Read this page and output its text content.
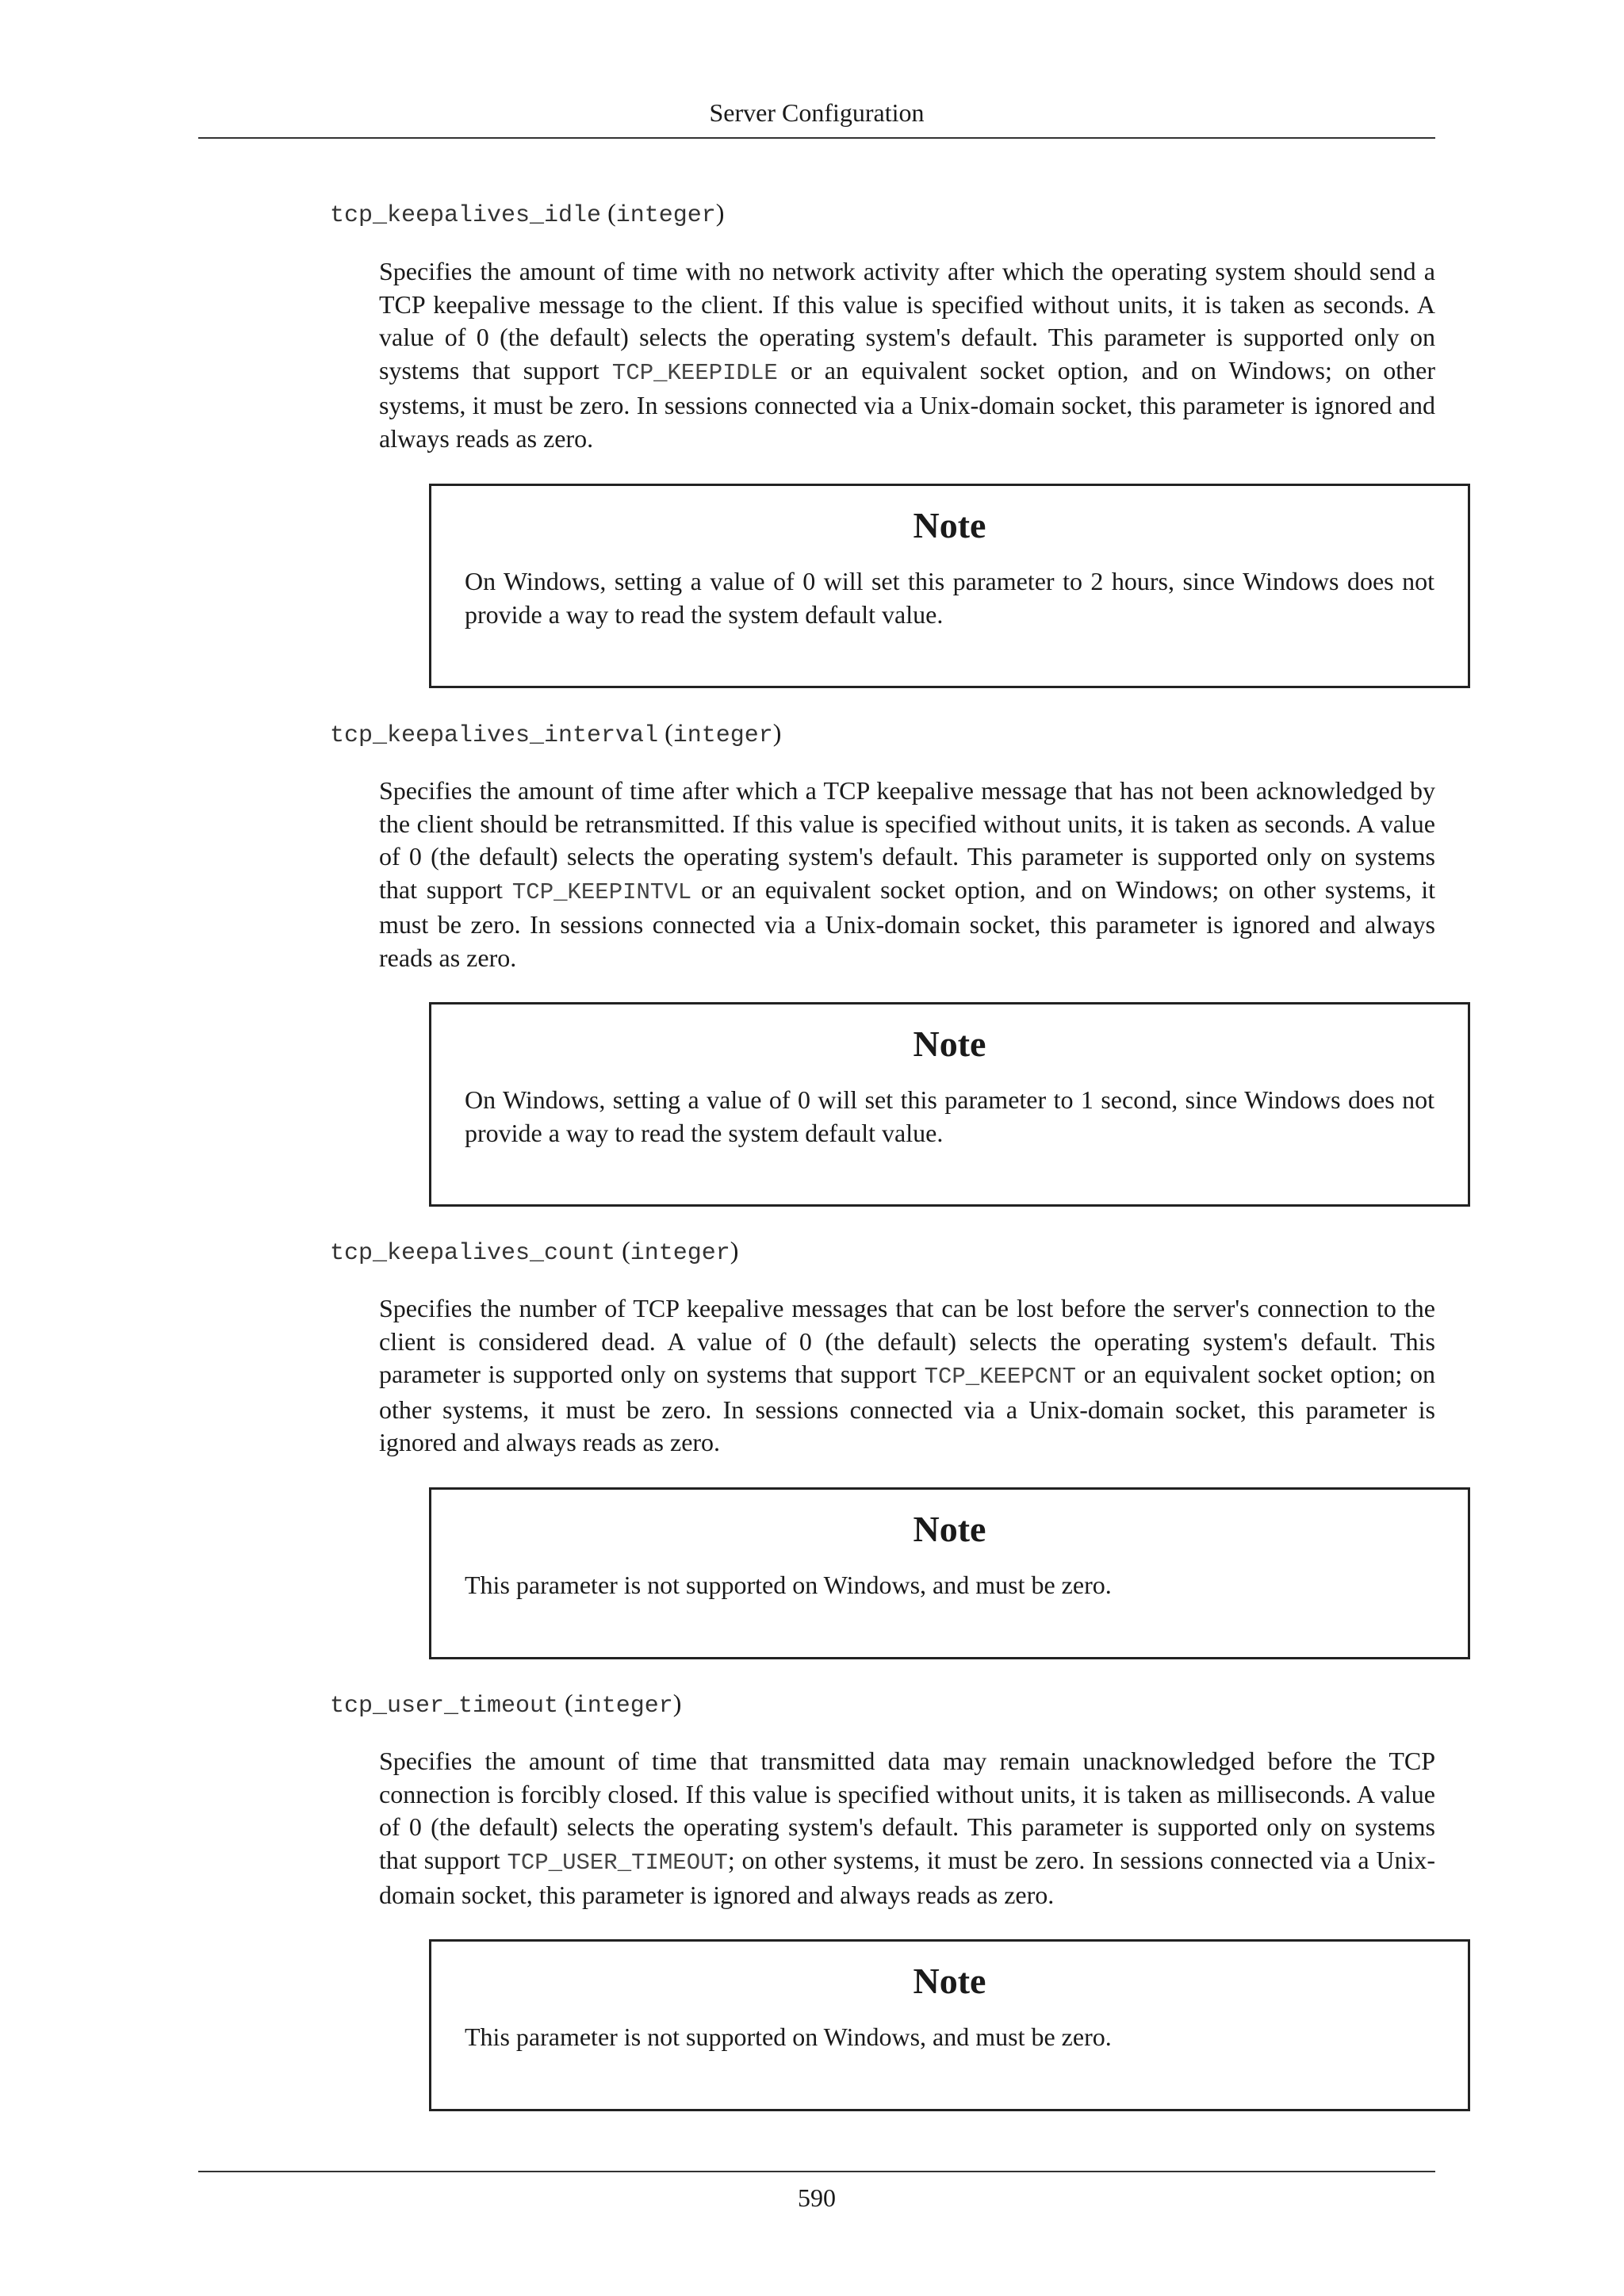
Server Configuration
tcp_keepalives_idle (integer)

Specifies the amount of time with no network activity after which the operating system should send a TCP keepalive message to the client. If this value is specified without units, it is taken as seconds. A value of 0 (the default) selects the operating system's default. This parameter is supported only on systems that support TCP_KEEPIDLE or an equivalent socket option, and on Windows; on other systems, it must be zero. In sessions connected via a Unix-domain socket, this parameter is ignored and always reads as zero.

Note
On Windows, setting a value of 0 will set this parameter to 2 hours, since Windows does not provide a way to read the system default value.
tcp_keepalives_interval (integer)

Specifies the amount of time after which a TCP keepalive message that has not been acknowledged by the client should be retransmitted. If this value is specified without units, it is taken as seconds. A value of 0 (the default) selects the operating system's default. This parameter is supported only on systems that support TCP_KEEPINTVL or an equivalent socket option, and on Windows; on other systems, it must be zero. In sessions connected via a Unix-domain socket, this parameter is ignored and always reads as zero.

Note
On Windows, setting a value of 0 will set this parameter to 1 second, since Windows does not provide a way to read the system default value.
tcp_keepalives_count (integer)

Specifies the number of TCP keepalive messages that can be lost before the server's connection to the client is considered dead. A value of 0 (the default) selects the operating system's default. This parameter is supported only on systems that support TCP_KEEPCNT or an equivalent socket option; on other systems, it must be zero. In sessions connected via a Unix-domain socket, this parameter is ignored and always reads as zero.

Note
This parameter is not supported on Windows, and must be zero.
tcp_user_timeout (integer)

Specifies the amount of time that transmitted data may remain unacknowledged before the TCP connection is forcibly closed. If this value is specified without units, it is taken as milliseconds. A value of 0 (the default) selects the operating system's default. This parameter is supported only on systems that support TCP_USER_TIMEOUT; on other systems, it must be zero. In sessions connected via a Unix-domain socket, this parameter is ignored and always reads as zero.

Note
This parameter is not supported on Windows, and must be zero.
590
